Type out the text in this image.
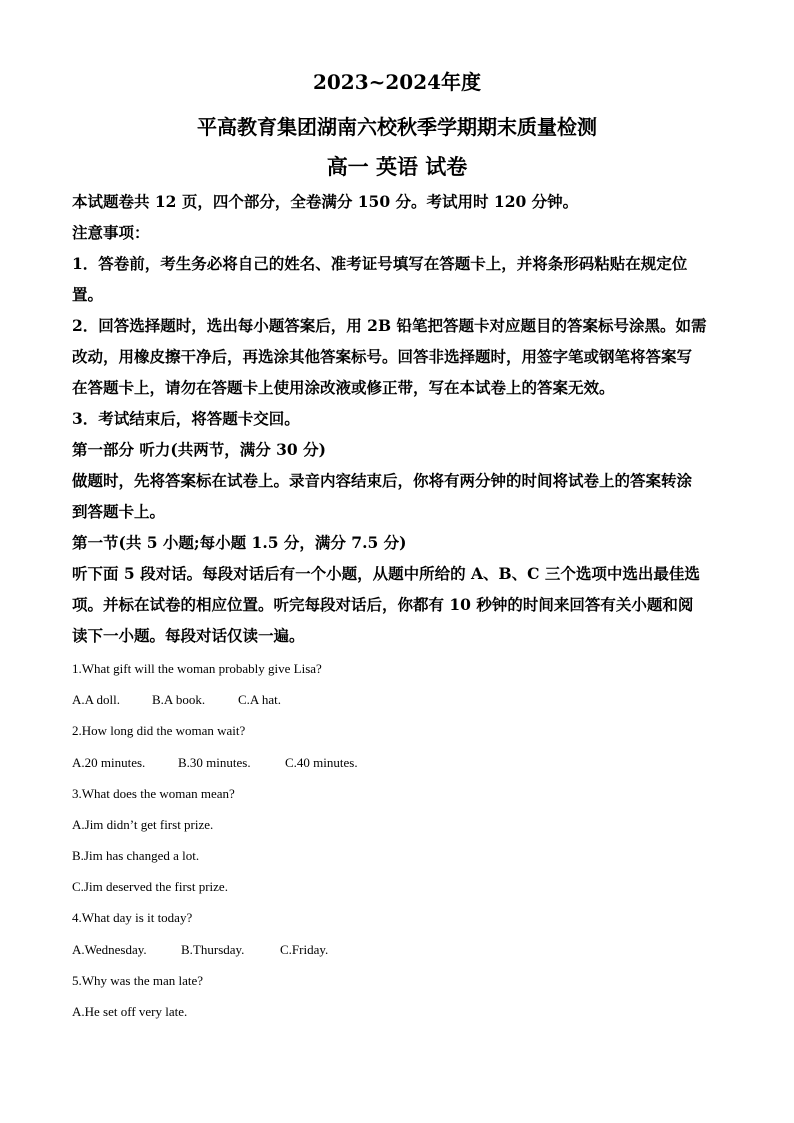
2023~2024年度
平高教育集团湖南六校秋季学期期末质量检测
高一 英语 试卷
本试题卷共 12 页，四个部分，全卷满分 150 分。考试用时 120 分钟。
注意事项：
1．答卷前，考生务必将自己的姓名、准考证号填写在答题卡上，并将条形码粘贴在规定位
置。
2．回答选择题时，选出每小题答案后，用 2B 铅笔把答题卡对应题目的答案标号涂黑。如需
改动，用橡皮擦干净后，再选涂其他答案标号。回答非选择题时，用签字笔或钢笔将答案写
在答题卡上，请勿在答题卡上使用涂改液或修正带，写在本试卷上的答案无效。
3．考试结束后，将答题卡交回。
第一部分 听力(共两节，满分 30 分)
做题时，先将答案标在试卷上。录音内容结束后，你将有两分钟的时间将试卷上的答案转涂
到答题卡上。
第一节(共 5 小题;每小题 1.5 分，满分 7.5 分)
听下面 5 段对话。每段对话后有一个小题，从题中所给的 A、B、C 三个选项中选出最佳选
项。并标在试卷的相应位置。听完每段对话后，你都有 10 秒钟的时间来回答有关小题和阅
读下一小题。每段对话仅读一遍。
1.What gift will the woman probably give Lisa?
A.A doll. B.A book.	C.A hat.
2.How long did the woman wait?
A.20 minutes.	B.30 minutes.	C.40 minutes.
3.What does the woman mean?
A.Jim didn’t get first prize.
B.Jim has changed a lot.
C.Jim deserved the first prize.
4.What day is it today?
A.Wednesday.	B.Thursday.	C.Friday.
5.Why was the man late?
A.He set off very late.
